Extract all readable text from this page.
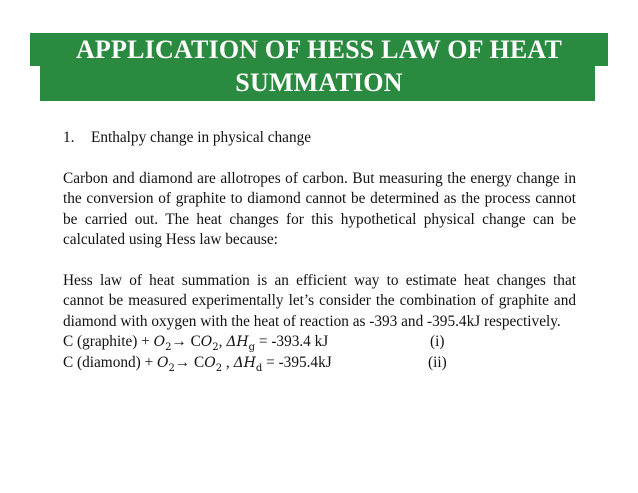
APPLICATION OF HESS LAW OF HEAT
SUMMATION
1. Enthalpy change in physical change

Carbon and diamond are allotropes of carbon. But measuring the energy change in the conversion of graphite to diamond cannot be determined as the process cannot be carried out. The heat changes for this hypothetical physical change can be calculated using Hess law because:

Hess law of heat summation is an efficient way to estimate heat changes that cannot be measured experimentally let’s consider the combination of graphite and diamond with oxygen with the heat of reaction as -393 and -395.4kJ respectively.

C (graphite) + $O_2\to CO_2$, $\Delta H_g = -393.4$ kJ	(i)
C (diamond) + $O_2\to CO_2$ , $\Delta H_d = -395.4kJ$	(ii)
